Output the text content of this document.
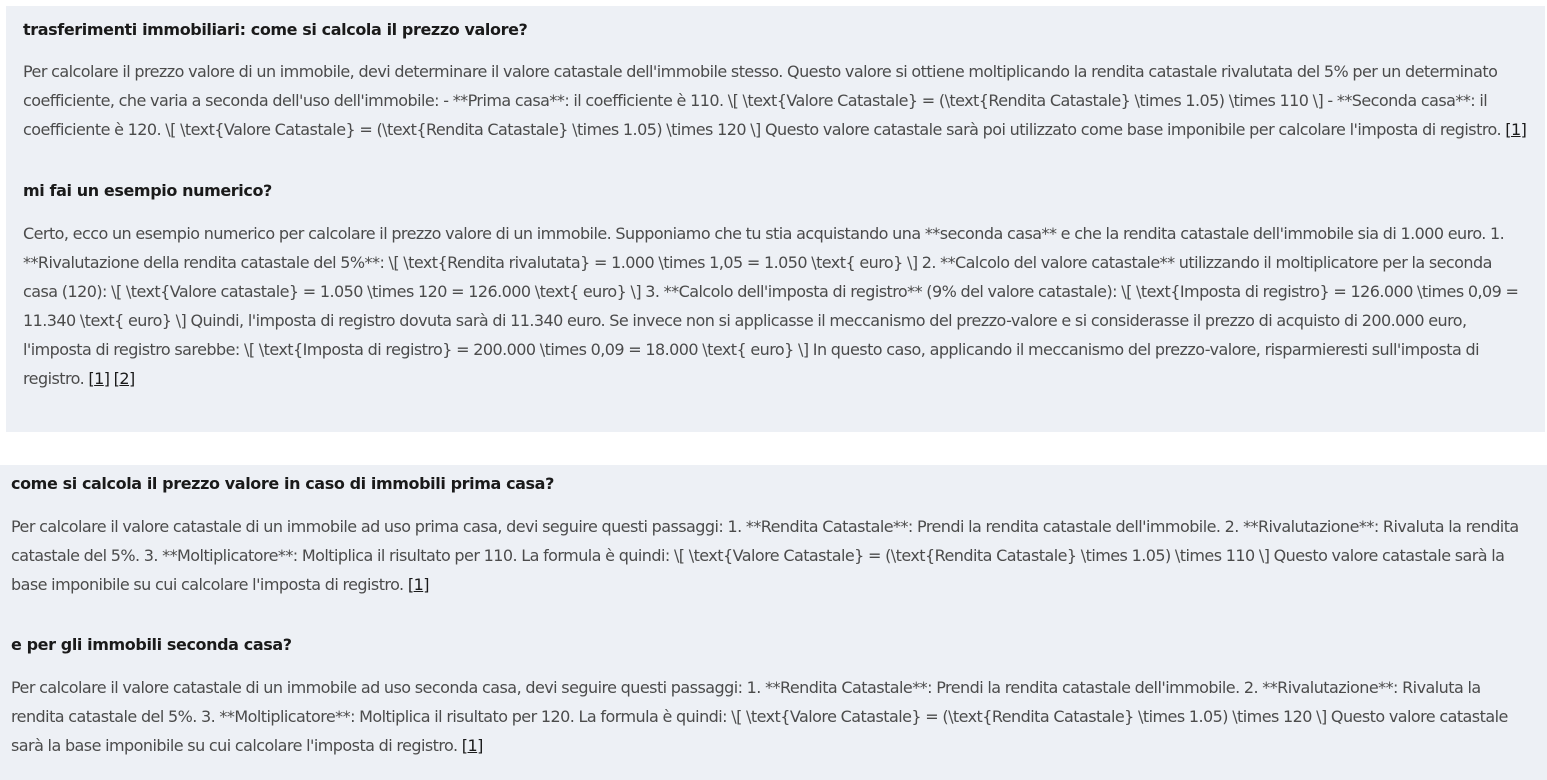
trasferimenti immobiliari: come si calcola il prezzo valore?

Per calcolare il prezzo valore di un immobile, devi determinare il valore catastale dell'immobile stesso. Questo valore si ottiene moltiplicando la rendita catastale rivalutata del 5% per un determinato coefficiente, che varia a seconda dell'uso dell'immobile: - **Prima casa**: il coefficiente è 110. \[ \text{Valore Catastale} = (\text{Rendita Catastale} \times 1.05) \times 110 \] - **Seconda casa**: il coefficiente è 120. \[ \text{Valore Catastale} = (\text{Rendita Catastale} \times 1.05) \times 120 \] Questo valore catastale sarà poi utilizzato come base imponibile per calcolare l'imposta di registro. [1]

mi fai un esempio numerico?

Certo, ecco un esempio numerico per calcolare il prezzo valore di un immobile. Supponiamo che tu stia acquistando una **seconda casa** e che la rendita catastale dell'immobile sia di 1.000 euro. 1. **Rivalutazione della rendita catastale del 5%**: \[ \text{Rendita rivalutata} = 1.000 \times 1,05 = 1.050 \text{ euro} \] 2. **Calcolo del valore catastale** utilizzando il moltiplicatore per la seconda casa (120): \[ \text{Valore catastale} = 1.050 \times 120 = 126.000 \text{ euro} \] 3. **Calcolo dell'imposta di registro** (9% del valore catastale): \[ \text{Imposta di registro} = 126.000 \times 0,09 = 11.340 \text{ euro} \] Quindi, l'imposta di registro dovuta sarà di 11.340 euro. Se invece non si applicasse il meccanismo del prezzo-valore e si considerasse il prezzo di acquisto di 200.000 euro, l'imposta di registro sarebbe: \[ \text{Imposta di registro} = 200.000 \times 0,09 = 18.000 \text{ euro} \] In questo caso, applicando il meccanismo del prezzo-valore, risparmieresti sull'imposta di registro. [1] [2]

come si calcola il prezzo valore in caso di immobili prima casa?

Per calcolare il valore catastale di un immobile ad uso prima casa, devi seguire questi passaggi: 1. **Rendita Catastale**: Prendi la rendita catastale dell'immobile. 2. **Rivalutazione**: Rivaluta la rendita catastale del 5%. 3. **Moltiplicatore**: Moltiplica il risultato per 110. La formula è quindi: \[ \text{Valore Catastale} = (\text{Rendita Catastale} \times 1.05) \times 110 \] Questo valore catastale sarà la base imponibile su cui calcolare l'imposta di registro. [1]

e per gli immobili seconda casa?

Per calcolare il valore catastale di un immobile ad uso seconda casa, devi seguire questi passaggi: 1. **Rendita Catastale**: Prendi la rendita catastale dell'immobile. 2. **Rivalutazione**: Rivaluta la rendita catastale del 5%. 3. **Moltiplicatore**: Moltiplica il risultato per 120. La formula è quindi: \[ \text{Valore Catastale} = (\text{Rendita Catastale} \times 1.05) \times 120 \] Questo valore catastale sarà la base imponibile su cui calcolare l'imposta di registro. [1]
